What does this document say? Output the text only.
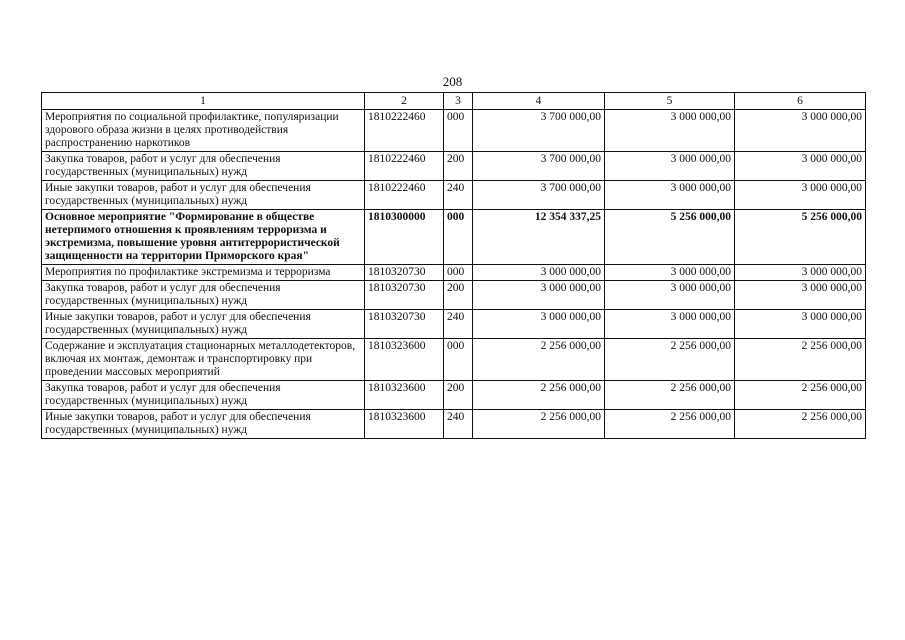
208
1	2	3	4	5	6
Мероприятия по социальной профилактике, популяризации здорового образа жизни в целях противодействия распространению наркотиков	1810222460	000	3 700 000,00	3 000 000,00	3 000 000,00
Закупка товаров, работ и услуг для обеспечения государственных (муниципальных) нужд	1810222460	200	3 700 000,00	3 000 000,00	3 000 000,00
Иные закупки товаров, работ и услуг для обеспечения государственных (муниципальных) нужд	1810222460	240	3 700 000,00	3 000 000,00	3 000 000,00
Основное мероприятие "Формирование в обществе нетерпимого отношения к проявлениям терроризма и экстремизма, повышение уровня антитеррористической защищенности на территории Приморского края"	1810300000	000	12 354 337,25	5 256 000,00	5 256 000,00
Мероприятия по профилактике экстремизма и терроризма	1810320730	000	3 000 000,00	3 000 000,00	3 000 000,00
Закупка товаров, работ и услуг для обеспечения государственных (муниципальных) нужд	1810320730	200	3 000 000,00	3 000 000,00	3 000 000,00
Иные закупки товаров, работ и услуг для обеспечения государственных (муниципальных) нужд	1810320730	240	3 000 000,00	3 000 000,00	3 000 000,00
Содержание и эксплуатация стационарных металлодетекторов, включая их монтаж, демонтаж и транспортировку при проведении массовых мероприятий	1810323600	000	2 256 000,00	2 256 000,00	2 256 000,00
Закупка товаров, работ и услуг для обеспечения государственных (муниципальных) нужд	1810323600	200	2 256 000,00	2 256 000,00	2 256 000,00
Иные закупки товаров, работ и услуг для обеспечения государственных (муниципальных) нужд	1810323600	240	2 256 000,00	2 256 000,00	2 256 000,00
